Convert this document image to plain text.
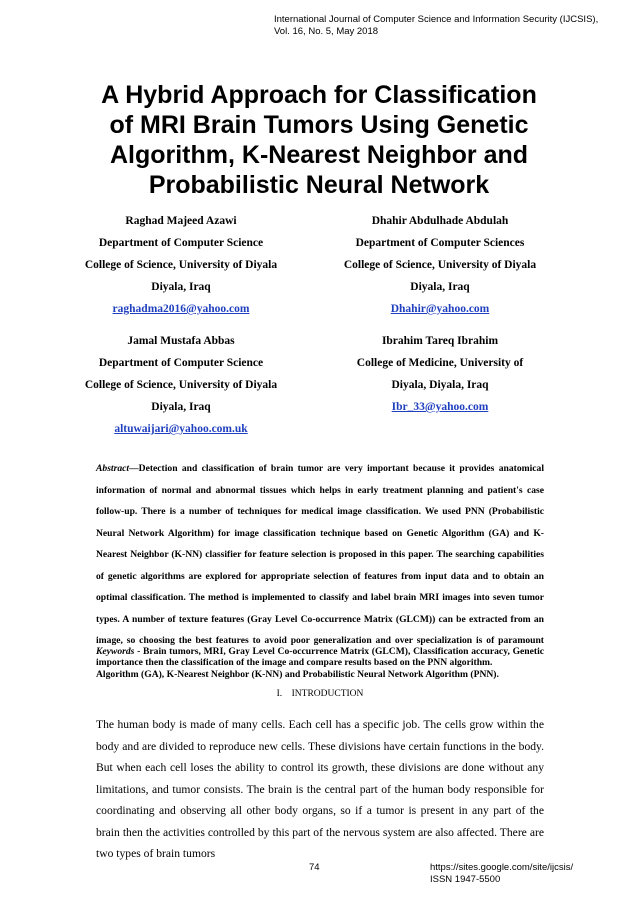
International Journal of Computer Science and Information Security (IJCSIS),
Vol. 16, No. 5, May 2018
A Hybrid Approach for Classification
of MRI Brain Tumors Using Genetic
Algorithm, K-Nearest Neighbor and
Probabilistic Neural Network
Raghad Majeed Azawi
Department of Computer Science
College of Science, University of Diyala
Diyala, Iraq
raghadma2016@yahoo.com
Dhahir Abdulhade Abdulah
Department of Computer Sciences
College of Science, University of Diyala
Diyala, Iraq
Dhahir@yahoo.com
Jamal Mustafa Abbas
Department of Computer Science
College of Science, University of Diyala
Diyala, Iraq
altuwaijari@yahoo.com.uk
Ibrahim Tareq Ibrahim
College of Medicine, University of
Diyala, Diyala, Iraq
Ibr_33@yahoo.com
Abstract—Detection and classification of brain tumor are very important because it provides anatomical information of normal and abnormal tissues which helps in early treatment planning and patient's case follow-up. There is a number of techniques for medical image classification. We used PNN (Probabilistic Neural Network Algorithm) for image classification technique based on Genetic Algorithm (GA) and K-Nearest Neighbor (K-NN) classifier for feature selection is proposed in this paper. The searching capabilities of genetic algorithms are explored for appropriate selection of features from input data and to obtain an optimal classification. The method is implemented to classify and label brain MRI images into seven tumor types. A number of texture features (Gray Level Co-occurrence Matrix (GLCM)) can be extracted from an image, so choosing the best features to avoid poor generalization and over specialization is of paramount importance then the classification of the image and compare results based on the PNN algorithm.
Keywords - Brain tumors, MRI, Gray Level Co-occurrence Matrix (GLCM), Classification accuracy, Genetic Algorithm (GA), K-Nearest Neighbor (K-NN) and Probabilistic Neural Network Algorithm (PNN).
I.    INTRODUCTION
The human body is made of many cells. Each cell has a specific job. The cells grow within the body and are divided to reproduce new cells. These divisions have certain functions in the body. But when each cell loses the ability to control its growth, these divisions are done without any limitations, and tumor consists. The brain is the central part of the human body responsible for coordinating and observing all other body organs, so if a tumor is present in any part of the brain then the activities controlled by this part of the nervous system are also affected. There are two types of brain tumors
74	https://sites.google.com/site/ijcsis/
ISSN 1947-5500
